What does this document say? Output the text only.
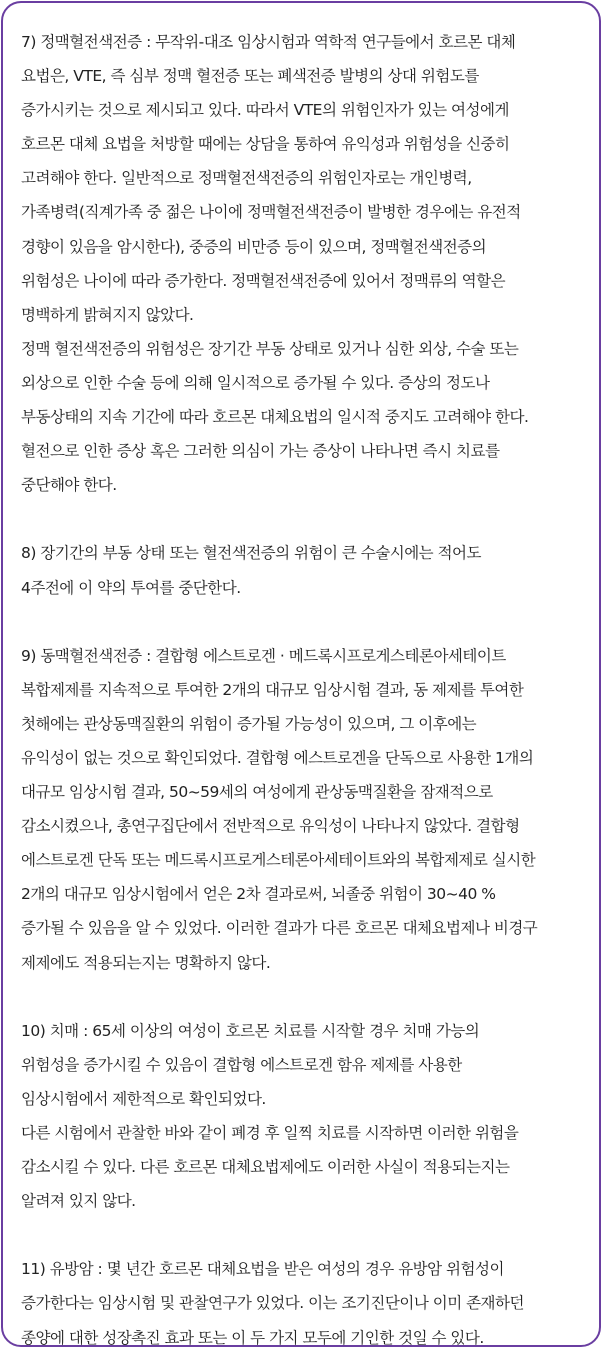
7) 정맥혈전색전증 : 무작위-대조 임상시험과 역학적 연구들에서 호르몬 대체
요법은, VTE, 즉 심부 정맥 혈전증 또는 폐색전증 발병의 상대 위험도를
증가시키는 것으로 제시되고 있다. 따라서 VTE의 위험인자가 있는 여성에게
호르몬 대체 요법을 처방할 때에는 상담을 통하여 유익성과 위험성을 신중히
고려해야 한다. 일반적으로 정맥혈전색전증의 위험인자로는 개인병력,
가족병력(직계가족 중 젊은 나이에 정맥혈전색전증이 발병한 경우에는 유전적
경향이 있음을 암시한다), 중증의 비만증 등이 있으며, 정맥혈전색전증의
위험성은 나이에 따라 증가한다. 정맥혈전색전증에 있어서 정맥류의 역할은
명백하게 밝혀지지 않았다.
정맥 혈전색전증의 위험성은 장기간 부동 상태로 있거나 심한 외상, 수술 또는
외상으로 인한 수술 등에 의해 일시적으로 증가될 수 있다. 증상의 정도나
부동상태의 지속 기간에 따라 호르몬 대체요법의 일시적 중지도 고려해야 한다.
혈전으로 인한 증상 혹은 그러한 의심이 가는 증상이 나타나면 즉시 치료를
중단해야 한다.
8) 장기간의 부동 상태 또는 혈전색전증의 위험이 큰 수술시에는 적어도
4주전에 이 약의 투여를 중단한다.
9) 동맥혈전색전증 : 결합형 에스트로겐 · 메드록시프로게스테론아세테이트
복합제제를 지속적으로 투여한 2개의 대규모 임상시험 결과, 동 제제를 투여한
첫해에는 관상동맥질환의 위험이 증가될 가능성이 있으며, 그 이후에는
유익성이 없는 것으로 확인되었다. 결합형 에스트로겐을 단독으로 사용한 1개의
대규모 임상시험 결과, 50~59세의 여성에게 관상동맥질환을 잠재적으로
감소시켰으나, 총연구집단에서 전반적으로 유익성이 나타나지 않았다. 결합형
에스트로겐 단독 또는 메드록시프로게스테론아세테이트와의 복합제제로 실시한
2개의 대규모 임상시험에서 얻은 2차 결과로써, 뇌졸중 위험이 30~40 %
증가될 수 있음을 알 수 있었다. 이러한 결과가 다른 호르몬 대체요법제나 비경구
제제에도 적용되는지는 명확하지 않다.
10) 치매 : 65세 이상의 여성이 호르몬 치료를 시작할 경우 치매 가능의
위험성을 증가시킬 수 있음이 결합형 에스트로겐 함유 제제를 사용한
임상시험에서 제한적으로 확인되었다.
다른 시험에서 관찰한 바와 같이 폐경 후 일찍 치료를 시작하면 이러한 위험을
감소시킬 수 있다. 다른 호르몬 대체요법제에도 이러한 사실이 적용되는지는
알려져 있지 않다.
11) 유방암 : 몇 년간 호르몬 대체요법을 받은 여성의 경우 유방암 위험성이
증가한다는 임상시험 및 관찰연구가 있었다. 이는 조기진단이나 이미 존재하던
종양에 대한 성장촉진 효과 또는 이 두 가지 모두에 기인한 것일 수 있다.
